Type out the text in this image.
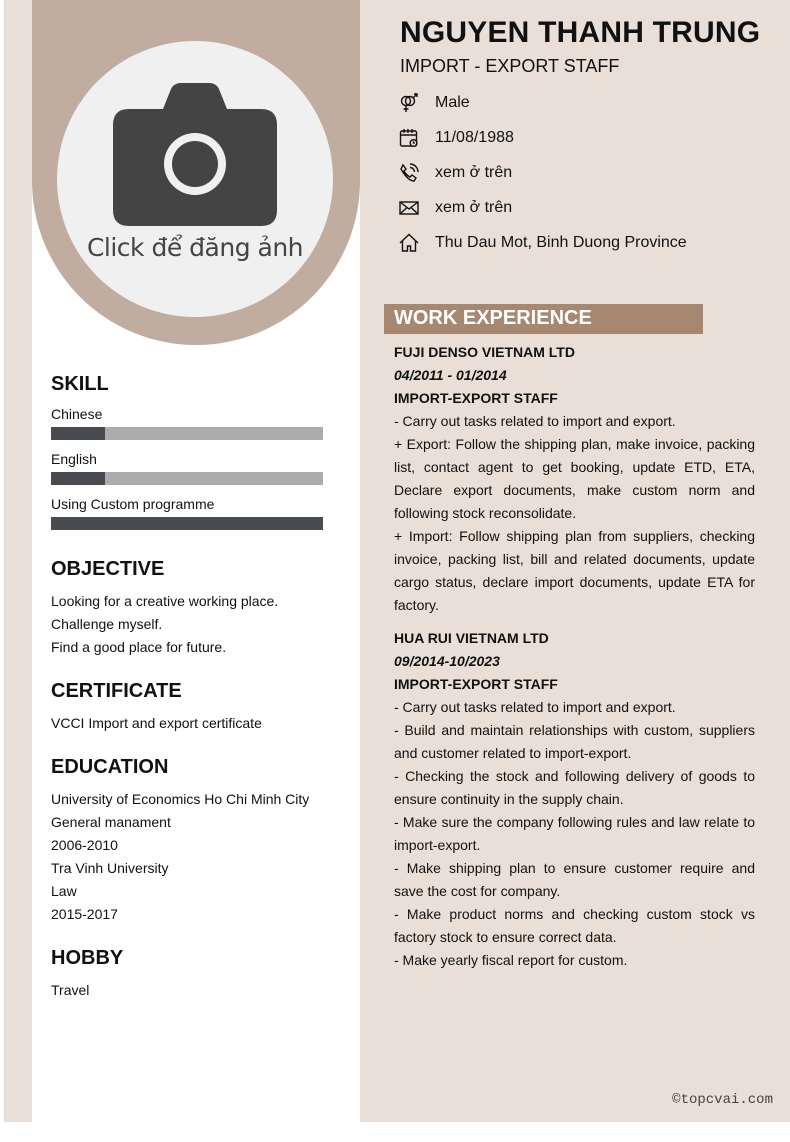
Click để đăng ảnh
SKILL
Chinese
English
Using Custom programme
OBJECTIVE

Looking for a creative working place.

Challenge myself.

Find a good place for future.

CERTIFICATE

VCCI Import and export certificate

EDUCATION

University of Economics Ho Chi Minh City

General manament

2006-2010

Tra Vinh University

Law

2015-2017

HOBBY

Travel

NGUYEN THANH TRUNG
IMPORT - EXPORT STAFF
Male
11/08/1988
xem ở trên
xem ở trên
Thu Dau Mot, Binh Duong Province
WORK EXPERIENCE
FUJI DENSO VIETNAM LTD
04/2011 - 01/2014
IMPORT-EXPORT STAFF

- Carry out tasks related to import and export.

+ Export: Follow the shipping plan, make invoice, packing list, contact agent to get booking, update ETD, ETA, Declare export documents, make custom norm and following stock reconsolidate.

+ Import: Follow shipping plan from suppliers, checking invoice, packing list, bill and related documents, update cargo status, declare import documents, update ETA for factory.

HUA RUI VIETNAM LTD
09/2014-10/2023
IMPORT-EXPORT STAFF

- Carry out tasks related to import and export.

- Build and maintain relationships with custom, suppliers and customer related to import-export.

- Checking the stock and following delivery of goods to ensure continuity in the supply chain.

- Make sure the company following rules and law relate to import-export.

- Make shipping plan to ensure customer require and save the cost for company.

- Make product norms and checking custom stock vs factory stock to ensure correct data.

- Make yearly fiscal report for custom.

©topcvai.com
